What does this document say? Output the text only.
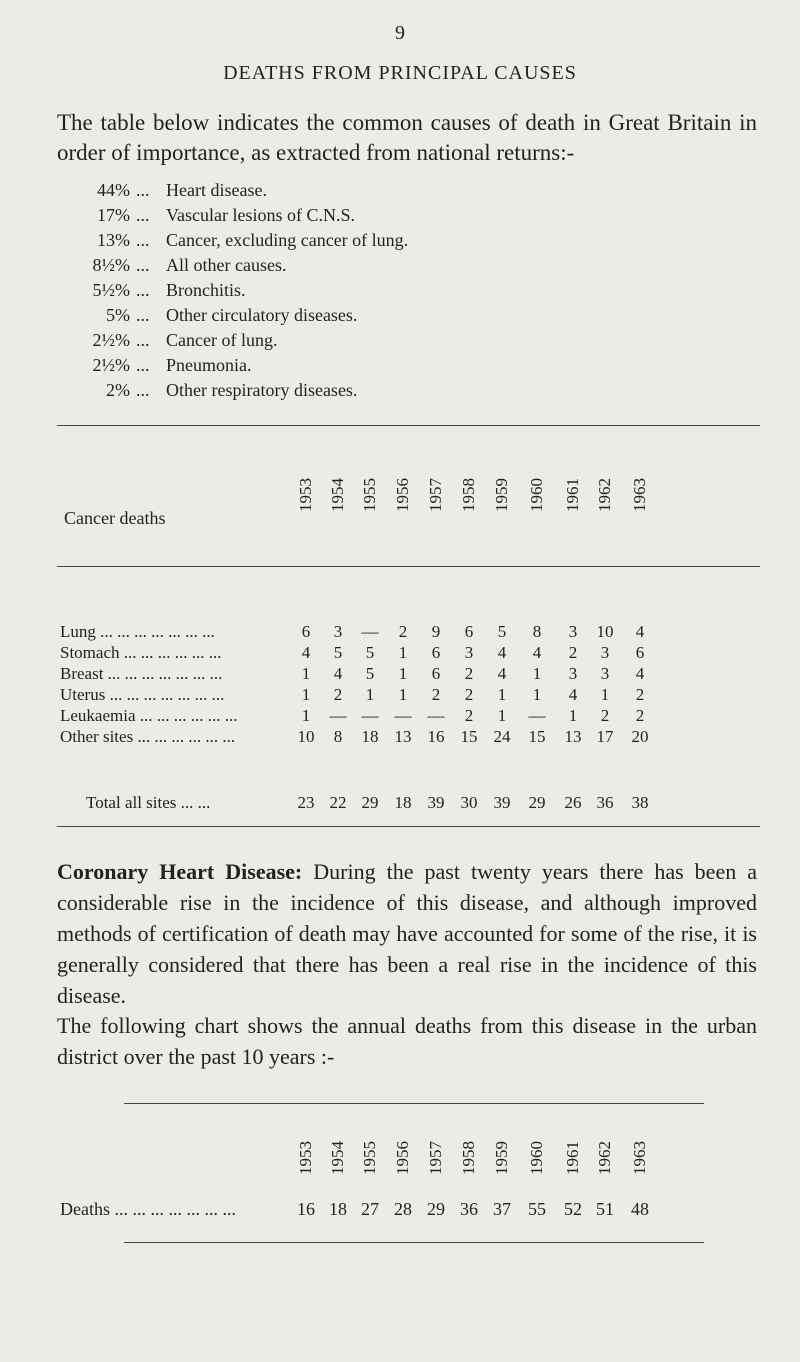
9
DEATHS FROM PRINCIPAL CAUSES
The table below indicates the common causes of death in Great Britain in order of importance, as extracted from national returns:-
44% ... Heart disease.
17% ... Vascular lesions of C.N.S.
13% ... Cancer, excluding cancer of lung.
8½% ... All other causes.
5½% ... Bronchitis.
5% ... Other circulatory diseases.
2½% ... Cancer of lung.
2½% ... Pneumonia.
2% ... Other respiratory diseases.
Cancer deaths
1953 1954 1955 1956 1957 1958 1959 1960 1961 1962 1963
Lung ... ... ... ... ... ... ...	6	3	—	2	9	6	5	8	3	10	4
Stomach ... ... ... ... ... ...	4	5	5	1	6	3	4	4	2	3	6
Breast ... ... ... ... ... ... ...	1	4	5	1	6	2	4	1	3	3	4
Uterus ... ... ... ... ... ... ...	1	2	1	1	2	2	1	1	4	1	2
Leukaemia ... ... ... ... ... ...	1	— — — —	2	1	—	1	2	2
Other sites ... ... ... ... ... ...	10	8	18 13 16 15 24	15	13 17	20
Total all sites ... ...	23 22 29 18 39 30 39	29	26 36	38
Coronary Heart Disease: During the past twenty years there has been a considerable rise in the incidence of this disease, and although improved methods of certification of death may have accounted for some of the rise, it is generally considered that there has been a real rise in the incidence of this disease.
The following chart shows the annual deaths from this disease in the urban district over the past 10 years :-
1953 1954 1955 1956 1957 1958 1959 1960 1961 1962 1963
Deaths ... ... ... ... ... ... ...	16 18 27 28 29 36 37 55	52 51 48
